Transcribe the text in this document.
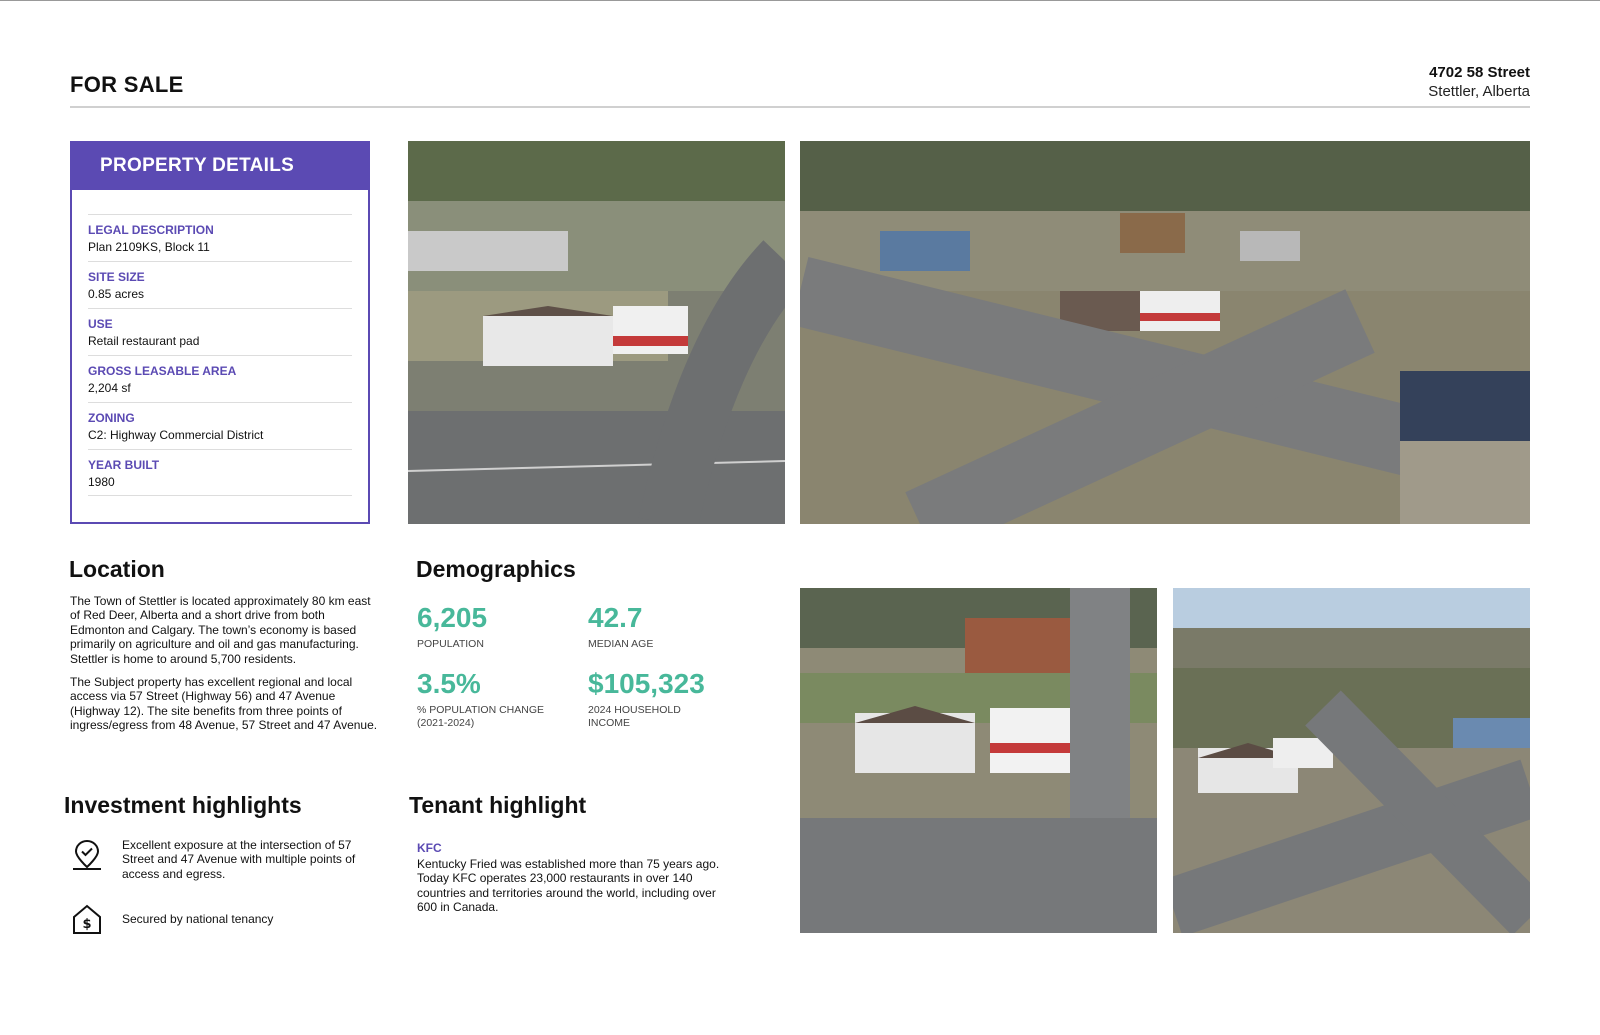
FOR SALE	4702 58 Street
Stettler, Alberta
PROPERTY DETAILS
LEGAL DESCRIPTION
Plan 2109KS, Block 11
SITE SIZE
0.85 acres
USE
Retail restaurant pad
GROSS LEASABLE AREA
2,204 sf
ZONING
C2: Highway Commercial District
YEAR BUILT
1980
Location

The Town of Stettler is located approximately 80 km east of Red Deer, Alberta and a short drive from both Edmonton and Calgary. The town’s economy is based primarily on agriculture and oil and gas manufacturing. Stettler is home to around 5,700 residents.

The Subject property has excellent regional and local access via 57 Street (Highway 56) and 47 Avenue (Highway 12). The site benefits from three points of ingress/egress from 48 Avenue, 57 Street and 47 Avenue.

Demographics
6,205
POPULATION
42.7
MEDIAN AGE
3.5%
% POPULATION CHANGE (2021-2024)
$105,323
2024 HOUSEHOLD INCOME
Investment highlights
Excellent exposure at the intersection of 57 Street and 47 Avenue with multiple points of access and egress.
$	Secured by national tenancy
Tenant highlight
KFC
Kentucky Fried was established more than 75 years ago. Today KFC operates 23,000 restaurants in over 140 countries and territories around the world, including over 600 in Canada.
